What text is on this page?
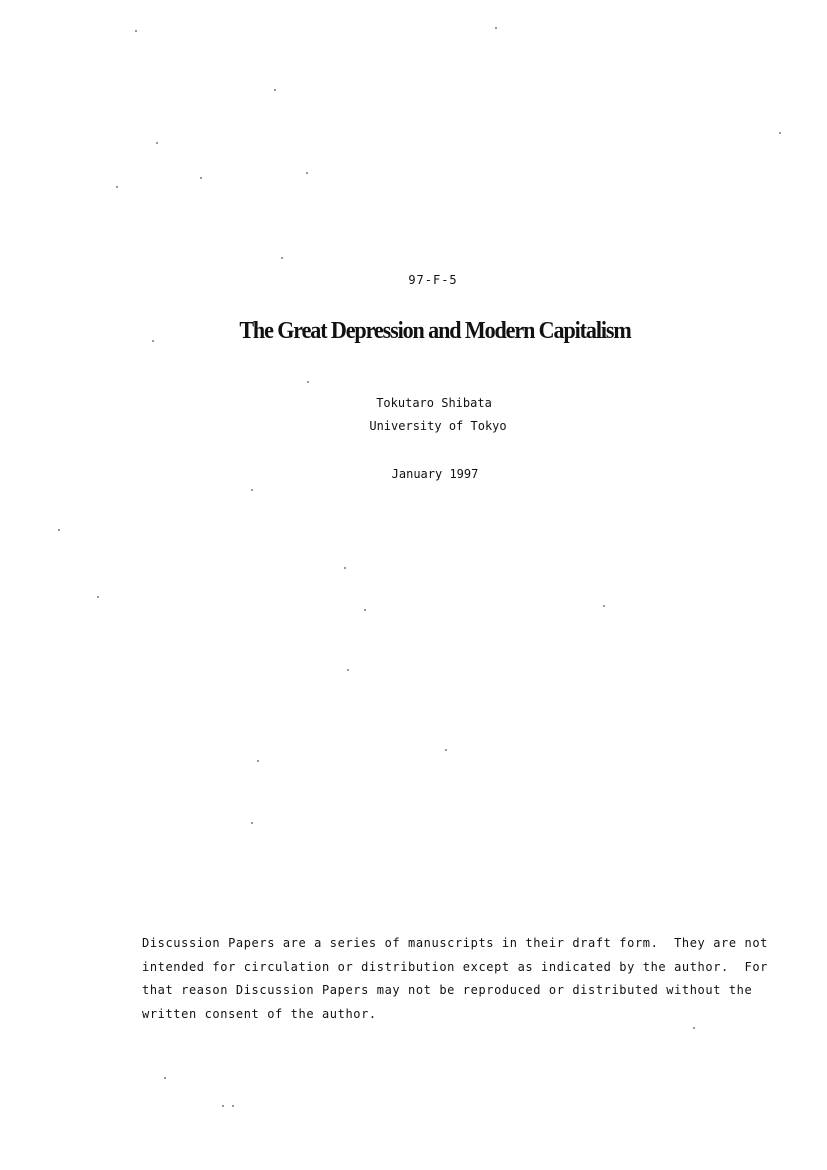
97-F-5
The Great Depression and Modern Capitalism
Tokutaro Shibata
University of Tokyo
January 1997

Discussion Papers are a series of manuscripts in their draft form.  They are not

intended for circulation or distribution except as indicated by the author.  For

that reason Discussion Papers may not be reproduced or distributed without the

written consent of the author.
